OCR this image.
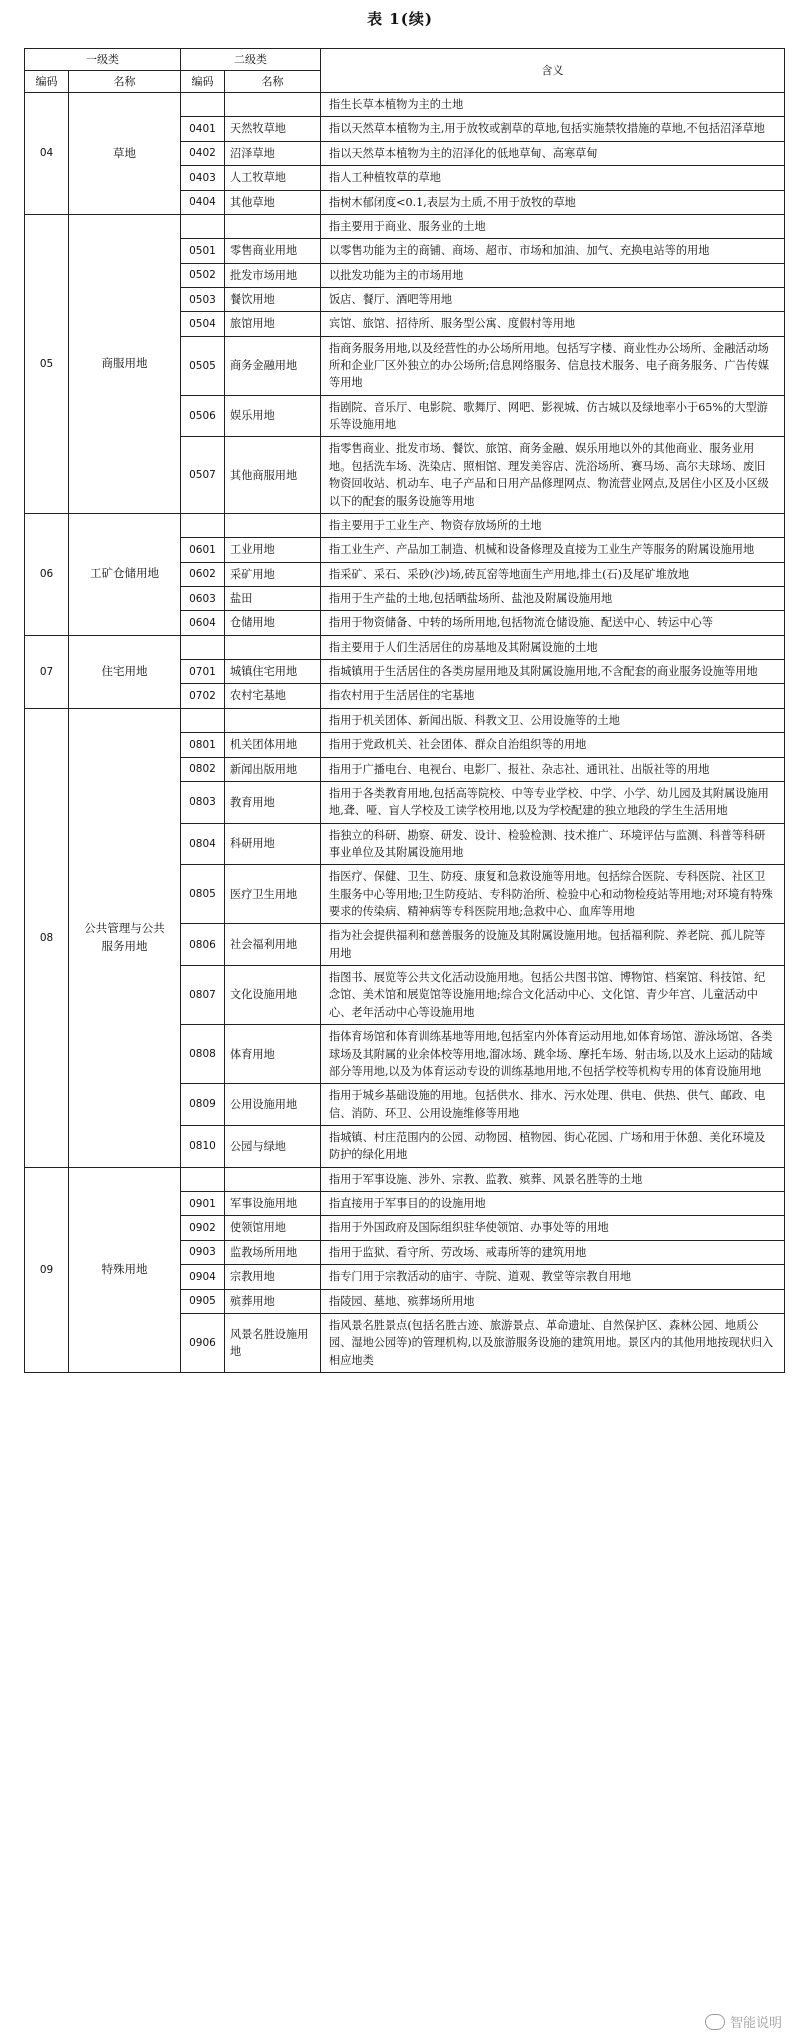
表 1(续)
一级类		二级类		含义
编码	名称	编码	名称	
04	草地			指生长草本植物为主的土地
		0401	天然牧草地	指以天然草本植物为主,用于放牧或割草的草地,包括实施禁牧措施的草地,不包括沼泽草地
		0402	沼泽草地	指以天然草本植物为主的沼泽化的低地草甸、高寒草甸
		0403	人工牧草地	指人工种植牧草的草地
		0404	其他草地	指树木郁闭度<0.1,表层为土质,不用于放牧的草地
05	商服用地			指主要用于商业、服务业的土地
		0501	零售商业用地	以零售功能为主的商铺、商场、超市、市场和加油、加气、充换电站等的用地
		0502	批发市场用地	以批发功能为主的市场用地
		0503	餐饮用地	饭店、餐厅、酒吧等用地
		0504	旅馆用地	宾馆、旅馆、招待所、服务型公寓、度假村等用地
		0505	商务金融用地	指商务服务用地,以及经营性的办公场所用地。包括写字楼、商业性办公场所、金融活动场所和企业厂区外独立的办公场所;信息网络服务、信息技术服务、电子商务服务、广告传媒等用地
		0506	娱乐用地	指剧院、音乐厅、电影院、歌舞厅、网吧、影视城、仿古城以及绿地率小于65%的大型游乐等设施用地
		0507	其他商服用地	指零售商业、批发市场、餐饮、旅馆、商务金融、娱乐用地以外的其他商业、服务业用地。包括洗车场、洗染店、照相馆、理发美容店、洗浴场所、赛马场、高尔夫球场、废旧物资回收站、机动车、电子产品和日用产品修理网点、物流营业网点,及居住小区及小区级以下的配套的服务设施等用地
06	工矿仓储用地			指主要用于工业生产、物资存放场所的土地
		0601	工业用地	指工业生产、产品加工制造、机械和设备修理及直接为工业生产等服务的附属设施用地
		0602	采矿用地	指采矿、采石、采砂(沙)场,砖瓦窑等地面生产用地,排土(石)及尾矿堆放地
		0603	盐田	指用于生产盐的土地,包括晒盐场所、盐池及附属设施用地
		0604	仓储用地	指用于物资储备、中转的场所用地,包括物流仓储设施、配送中心、转运中心等
07	住宅用地			指主要用于人们生活居住的房基地及其附属设施的土地
		0701	城镇住宅用地	指城镇用于生活居住的各类房屋用地及其附属设施用地,不含配套的商业服务设施等用地
		0702	农村宅基地	指农村用于生活居住的宅基地
08	公共管理与公共服务用地			指用于机关团体、新闻出版、科教文卫、公用设施等的土地
		0801	机关团体用地	指用于党政机关、社会团体、群众自治组织等的用地
		0802	新闻出版用地	指用于广播电台、电视台、电影厂、报社、杂志社、通讯社、出版社等的用地
		0803	教育用地	指用于各类教育用地,包括高等院校、中等专业学校、中学、小学、幼儿园及其附属设施用地,聋、哑、盲人学校及工读学校用地,以及为学校配建的独立地段的学生生活用地
		0804	科研用地	指独立的科研、勘察、研发、设计、检验检测、技术推广、环境评估与监测、科普等科研事业单位及其附属设施用地
		0805	医疗卫生用地	指医疗、保健、卫生、防疫、康复和急救设施等用地。包括综合医院、专科医院、社区卫生服务中心等用地;卫生防疫站、专科防治所、检验中心和动物检疫站等用地;对环境有特殊要求的传染病、精神病等专科医院用地;急救中心、血库等用地
		0806	社会福利用地	指为社会提供福利和慈善服务的设施及其附属设施用地。包括福利院、养老院、孤儿院等用地
		0807	文化设施用地	指图书、展览等公共文化活动设施用地。包括公共图书馆、博物馆、档案馆、科技馆、纪念馆、美术馆和展览馆等设施用地;综合文化活动中心、文化馆、青少年宫、儿童活动中心、老年活动中心等设施用地
		0808	体育用地	指体育场馆和体育训练基地等用地,包括室内外体育运动用地,如体育场馆、游泳场馆、各类球场及其附属的业余体校等用地,溜冰场、跳伞场、摩托车场、射击场,以及水上运动的陆域部分等用地,以及为体育运动专设的训练基地用地,不包括学校等机构专用的体育设施用地
		0809	公用设施用地	指用于城乡基础设施的用地。包括供水、排水、污水处理、供电、供热、供气、邮政、电信、消防、环卫、公用设施维修等用地
		0810	公园与绿地	指城镇、村庄范围内的公园、动物园、植物园、街心花园、广场和用于休憩、美化环境及防护的绿化用地
09	特殊用地			指用于军事设施、涉外、宗教、监教、殡葬、风景名胜等的土地
		0901	军事设施用地	指直接用于军事目的的设施用地
		0902	使领馆用地	指用于外国政府及国际组织驻华使领馆、办事处等的用地
		0903	监教场所用地	指用于监狱、看守所、劳改场、戒毒所等的建筑用地
		0904	宗教用地	指专门用于宗教活动的庙宇、寺院、道观、教堂等宗教自用地
		0905	殡葬用地	指陵园、墓地、殡葬场所用地
		0906	风景名胜设施用地	指风景名胜景点(包括名胜古迹、旅游景点、革命遗址、自然保护区、森林公园、地质公园、湿地公园等)的管理机构,以及旅游服务设施的建筑用地。景区内的其他用地按现状归入相应地类
智能说明
